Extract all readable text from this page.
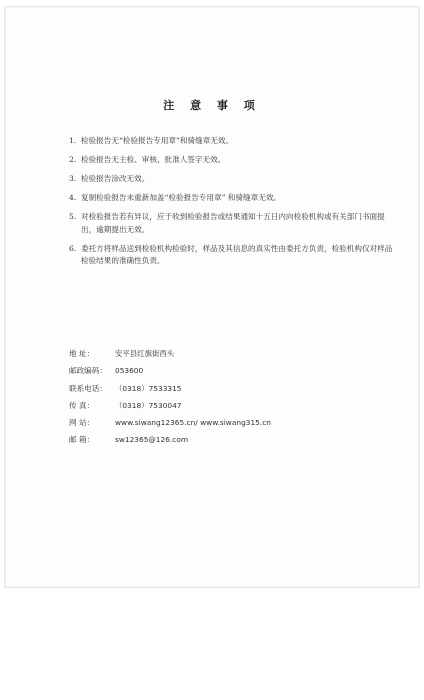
注 意 事 项
1. 检验报告无“检验报告专用章”和骑缝章无效。
2. 检验报告无主检、审核、批准人签字无效。
3. 检验报告涂改无效。
4. 复制检验报告未重新加盖“检验报告专用章” 和骑缝章无效。
5. 对检验报告若有异议，应于收到检验报告或结果通知十五日内向检验机构或有关部门书面提出，逾期提出无效。
6. 委托方将样品送到检验机构检验时，样品及其信息的真实性由委托方负责，检验机构仅对样品检验结果的准确性负责。
地 址：	安平县红旗街西头
邮政编码：	053600
联系电话：	（0318）7533315
传 真：	（0318）7530047
网 站：	www.siwang12365.cn/ www.siwang315.cn
邮 箱：	sw12365@126.com
